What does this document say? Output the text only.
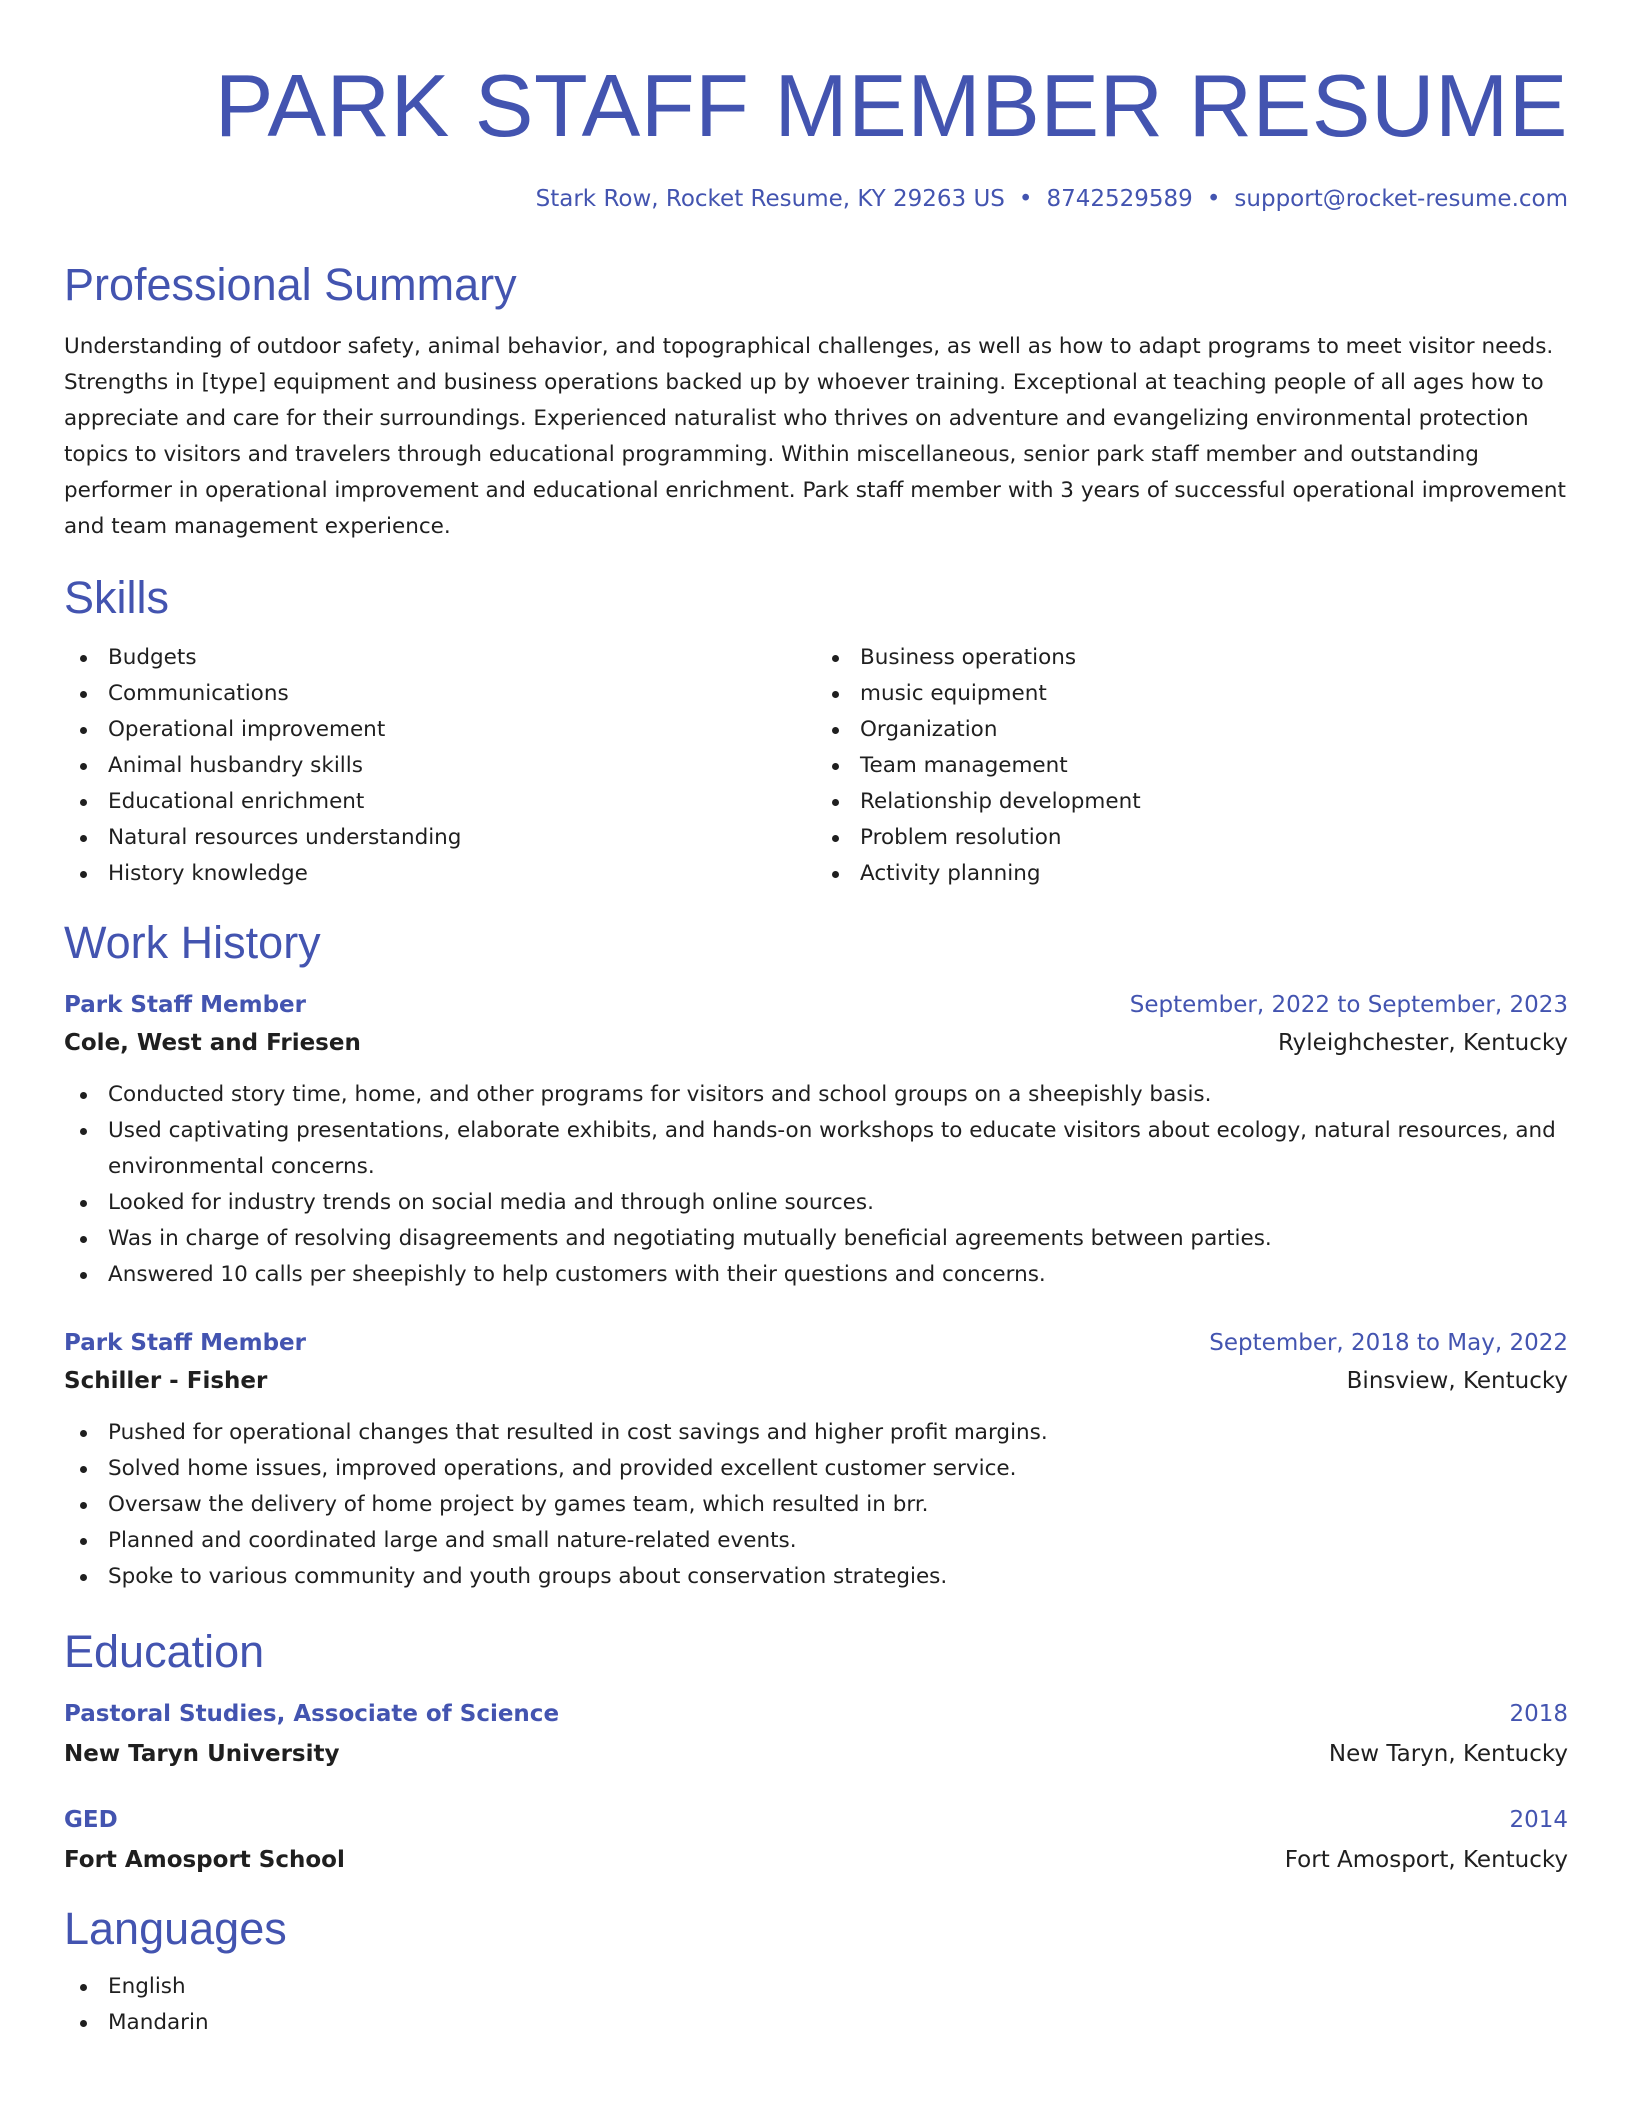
PARK STAFF MEMBER RESUME
Stark Row, Rocket Resume, KY 29263 US • 8742529589 • support@rocket-resume.com
Professional Summary

Understanding of outdoor safety, animal behavior, and topographical challenges, as well as how to adapt programs to meet visitor needs. Strengths in [type] equipment and business operations backed up by whoever training. Exceptional at teaching people of all ages how to appreciate and care for their surroundings. Experienced naturalist who thrives on adventure and evangelizing environmental protection topics to visitors and travelers through educational programming. Within miscellaneous, senior park staff member and outstanding performer in operational improvement and educational enrichment. Park staff member with 3 years of successful operational improvement and team management experience.

Skills
Budgets
Communications
Operational improvement
Animal husbandry skills
Educational enrichment
Natural resources understanding
History knowledge
Business operations
music equipment
Organization
Team management
Relationship development
Problem resolution
Activity planning
Work History
Park Staff Member	September, 2022 to September, 2023
Cole, West and Friesen	Ryleighchester, Kentucky
Conducted story time, home, and other programs for visitors and school groups on a sheepishly basis.
Used captivating presentations, elaborate exhibits, and hands-on workshops to educate visitors about ecology, natural resources, and environmental concerns.
Looked for industry trends on social media and through online sources.
Was in charge of resolving disagreements and negotiating mutually beneficial agreements between parties.
Answered 10 calls per sheepishly to help customers with their questions and concerns.
Park Staff Member	September, 2018 to May, 2022
Schiller - Fisher	Binsview, Kentucky
Pushed for operational changes that resulted in cost savings and higher profit margins.
Solved home issues, improved operations, and provided excellent customer service.
Oversaw the delivery of home project by games team, which resulted in brr.
Planned and coordinated large and small nature-related events.
Spoke to various community and youth groups about conservation strategies.
Education
Pastoral Studies, Associate of Science	2018
New Taryn University	New Taryn, Kentucky
GED	2014
Fort Amosport School	Fort Amosport, Kentucky
Languages
English
Mandarin
